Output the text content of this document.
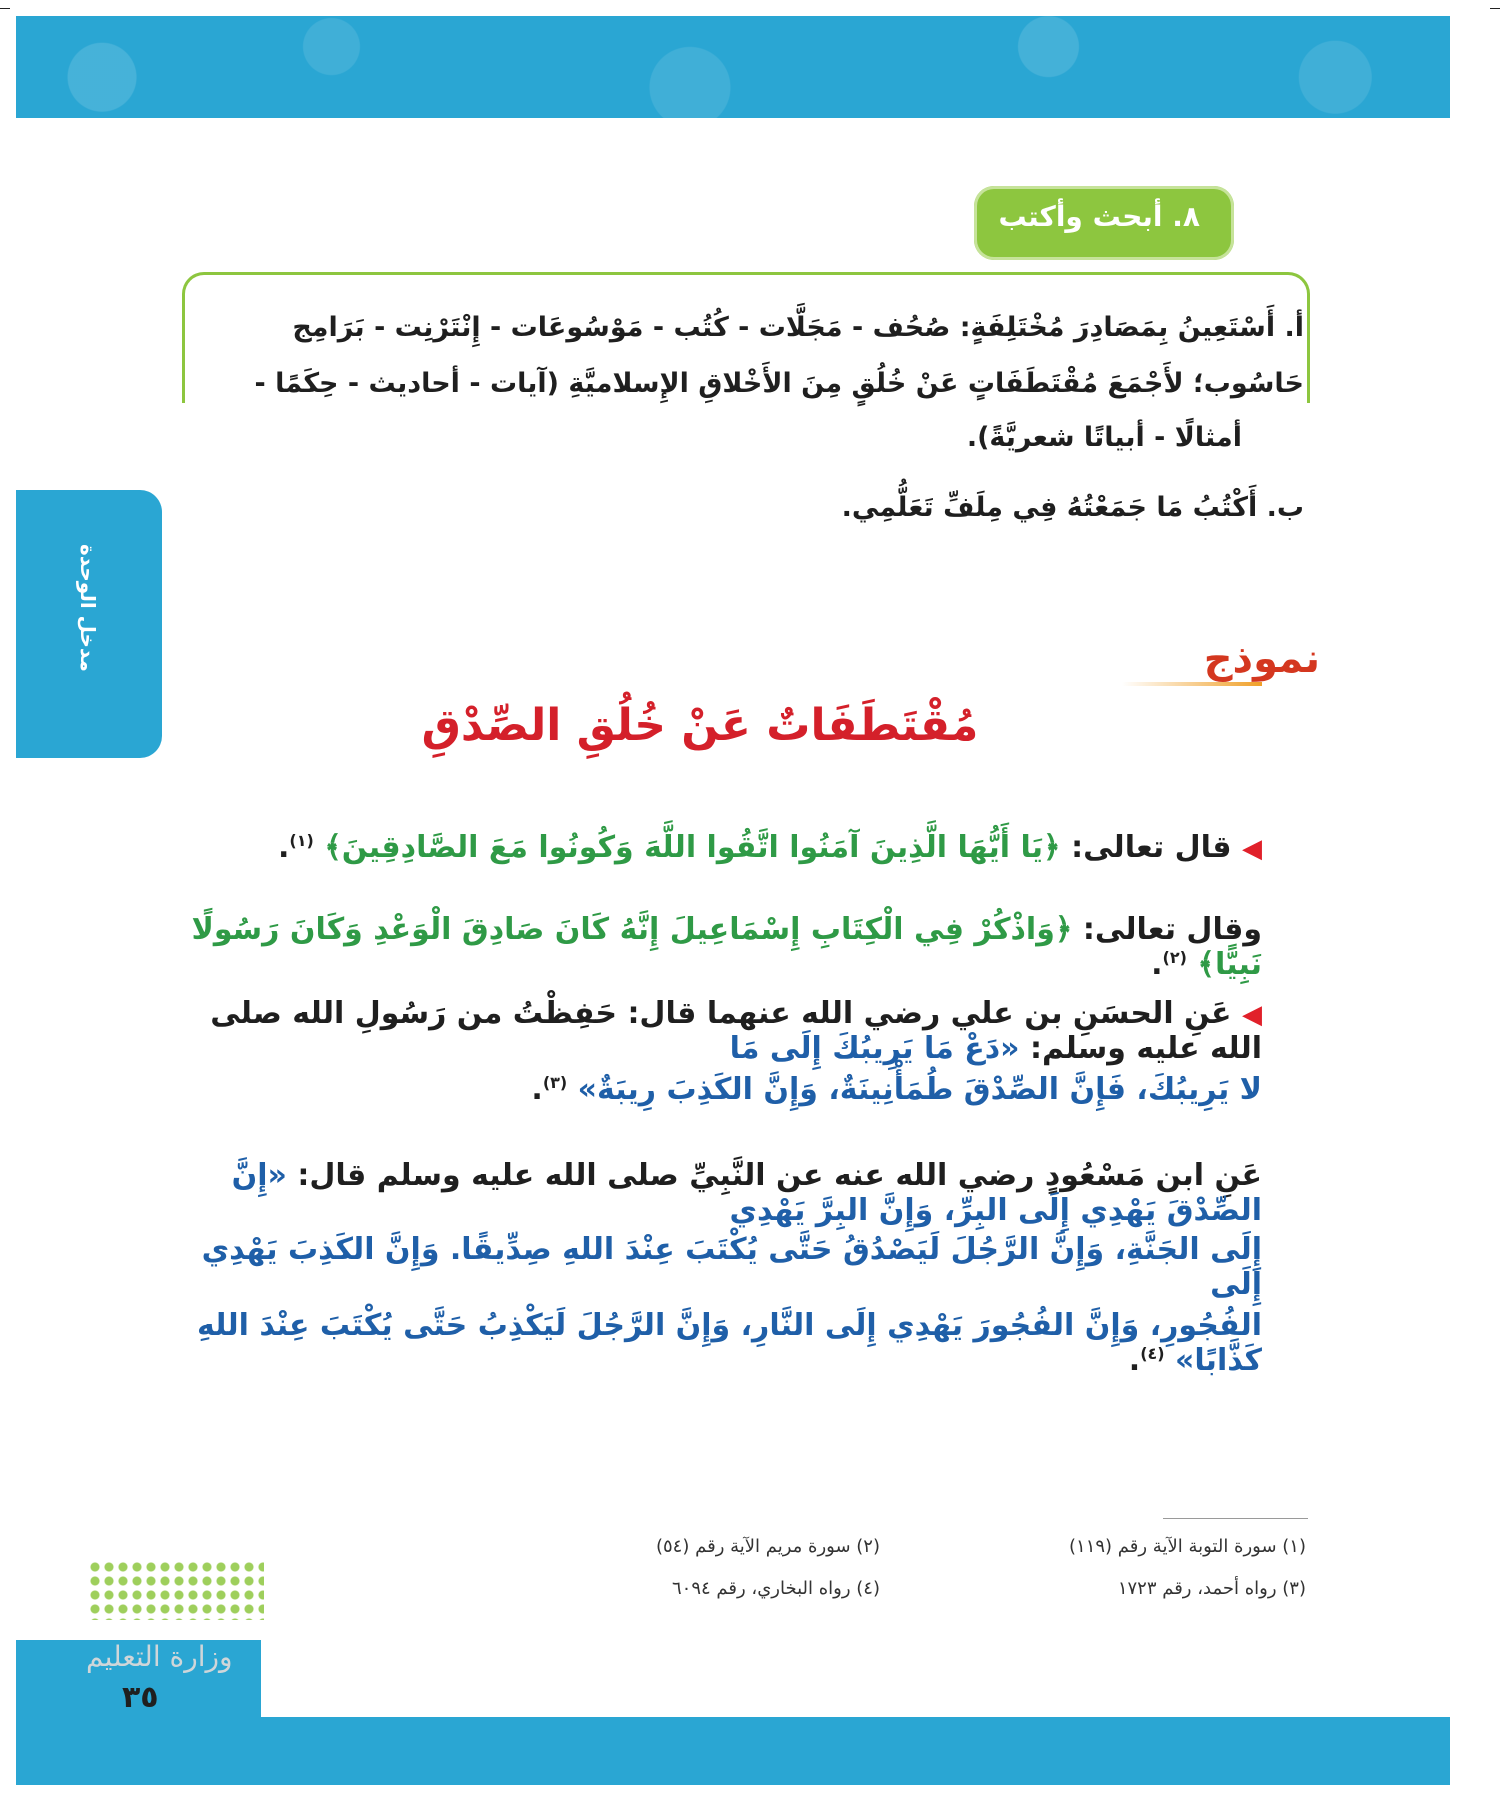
٨. أبحث وأكتب
أ. أَسْتَعِينُ بِمَصَادِرَ مُخْتَلِفَةٍ: صُحُف - مَجَلَّات - كُتُب - مَوْسُوعَات - إِنْتَرْنِت - بَرَامِج
حَاسُوب؛ لأَجْمَعَ مُقْتَطَفَاتٍ عَنْ خُلُقٍ مِنَ الأَخْلاقِ الإِسلاميَّةِ (آيات - أحاديث - حِكَمًا -
أمثالًا - أبياتًا شعريَّةً).
ب. أَكْتُبُ مَا جَمَعْتُهُ فِي مِلَفِّ تَعَلُّمِي.
مدخل الوحدة	نموذج
مُقْتَطَفَاتٌ عَنْ خُلُقِ الصِّدْقِ
◀ قال تعالى: ﴿يَا أَيُّهَا الَّذِينَ آمَنُوا اتَّقُوا اللَّهَ وَكُونُوا مَعَ الصَّادِقِينَ﴾ $^{(١)}$.
وقال تعالى: ﴿وَاذْكُرْ فِي الْكِتَابِ إِسْمَاعِيلَ إِنَّهُ كَانَ صَادِقَ الْوَعْدِ وَكَانَ رَسُولًا نَبِيًّا﴾ $^{(٢)}$.
◀ عَنِ الحسَنِ بن علي رضي الله عنهما قال: حَفِظْتُ من رَسُولِ الله صلى الله عليه وسلم: «دَعْ مَا يَرِيبُكَ إِلَى مَا
لا يَرِيبُكَ، فَإِنَّ الصِّدْقَ طُمَأْنِينَةٌ، وَإِنَّ الكَذِبَ رِيبَةٌ» $^{(٣)}$.
عَنِ ابن مَسْعُودٍ رضي الله عنه عن النَّبِيِّ صلى الله عليه وسلم قال: «إِنَّ الصِّدْقَ يَهْدِي إِلَى البِرِّ، وَإِنَّ البِرَّ يَهْدِي
إِلَى الجَنَّةِ، وَإِنَّ الرَّجُلَ لَيَصْدُقُ حَتَّى يُكْتَبَ عِنْدَ اللهِ صِدِّيقًا. وَإِنَّ الكَذِبَ يَهْدِي إِلَى
الفُجُورِ، وَإِنَّ الفُجُورَ يَهْدِي إِلَى النَّارِ، وَإِنَّ الرَّجُلَ لَيَكْذِبُ حَتَّى يُكْتَبَ عِنْدَ اللهِ كَذَّابًا» $^{(٤)}$.
(١) سورة التوبة الآية رقم (١١٩)
(٢) سورة مريم الآية رقم (٥٤)
(٣) رواه أحمد، رقم ١٧٢٣
(٤) رواه البخاري، رقم ٦٠٩٤
وزارة التعليم
٣٥
